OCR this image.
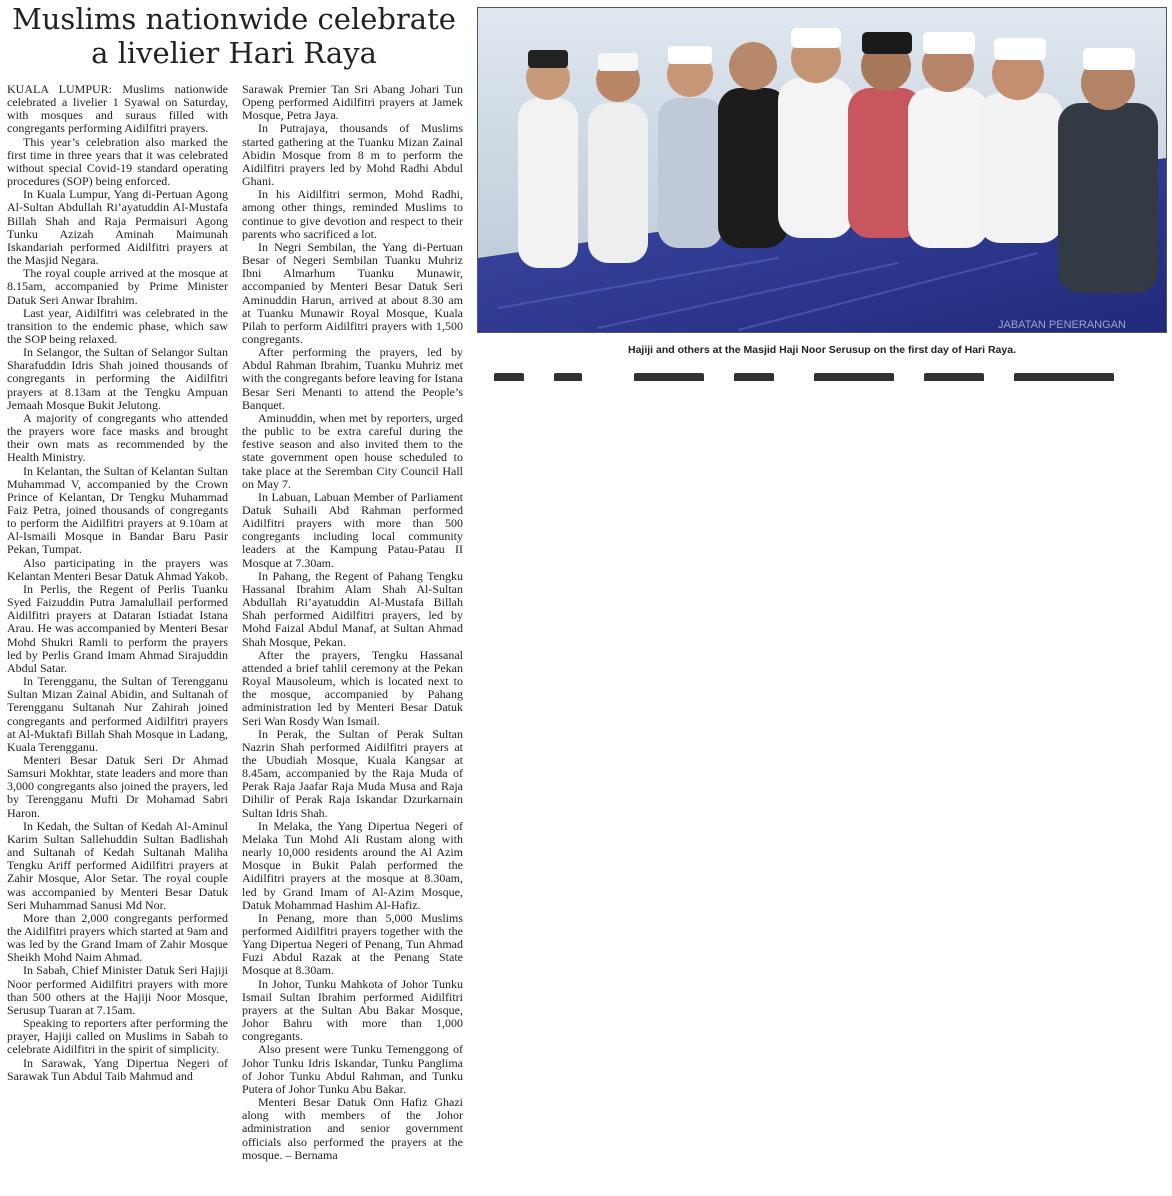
Muslims nationwide celebrate
a livelier Hari Raya

KUALA LUMPUR: Muslims nationwide celebrated a livelier 1 Syawal on Saturday, with mosques and suraus filled with congregants performing Aidilfitri prayers.

This year’s celebration also marked the first time in three years that it was celebrated without special Covid-19 standard operating procedures (SOP) being enforced.

In Kuala Lumpur, Yang di-Pertuan Agong Al-Sultan Abdullah Ri’ayatuddin Al-Mustafa Billah Shah and Raja Permaisuri Agong Tunku Azizah Aminah Maimunah Iskandariah performed Aidilfitri prayers at the Masjid Negara.

The royal couple arrived at the mosque at 8.15am, accompanied by Prime Minister Datuk Seri Anwar Ibrahim.

Last year, Aidilfitri was celebrated in the transition to the endemic phase, which saw the SOP being relaxed.

In Selangor, the Sultan of Selangor Sultan Sharafuddin Idris Shah joined thousands of congregants in performing the Aidilfitri prayers at 8.13am at the Tengku Ampuan Jemaah Mosque Bukit Jelutong.

A majority of congregants who attended the prayers wore face masks and brought their own mats as recommended by the Health Ministry.

In Kelantan, the Sultan of Kelantan Sultan Muhammad V, accompanied by the Crown Prince of Kelantan, Dr Tengku Muhammad Faiz Petra, joined thousands of congregants to perform the Aidilfitri prayers at 9.10am at Al-Ismaili Mosque in Bandar Baru Pasir Pekan, Tumpat.

Also participating in the prayers was Kelantan Menteri Besar Datuk Ahmad Yakob.

In Perlis, the Regent of Perlis Tuanku Syed Faizuddin Putra Jamalullail performed Aidilfitri prayers at Dataran Istiadat Istana Arau. He was accompanied by Menteri Besar Mohd Shukri Ramli to perform the prayers led by Perlis Grand Imam Ahmad Sirajuddin Abdul Satar.

In Terengganu, the Sultan of Terengganu Sultan Mizan Zainal Abidin, and Sultanah of Terengganu Sultanah Nur Zahirah joined congregants and performed Aidilfitri prayers at Al-Muktafi Billah Shah Mosque in Ladang, Kuala Terengganu.

Menteri Besar Datuk Seri Dr Ahmad Samsuri Mokhtar, state leaders and more than 3,000 congregants also joined the prayers, led by Terengganu Mufti Dr Mohamad Sabri Haron.

In Kedah, the Sultan of Kedah Al-Aminul Karim Sultan Sallehuddin Sultan Badlishah and Sultanah of Kedah Sultanah Maliha Tengku Ariff performed Aidilfitri prayers at Zahir Mosque, Alor Setar. The royal couple was accompanied by Menteri Besar Datuk Seri Muhammad Sanusi Md Nor.

More than 2,000 congregants performed the Aidilfitri prayers which started at 9am and was led by the Grand Imam of Zahir Mosque Sheikh Mohd Naim Ahmad.

In Sabah, Chief Minister Datuk Seri Hajiji Noor performed Aidilfitri prayers with more than 500 others at the Hajiji Noor Mosque, Serusup Tuaran at 7.15am.

Speaking to reporters after performing the prayer, Hajiji called on Muslims in Sabah to celebrate Aidilfitri in the spirit of simplicity.

In Sarawak, Yang Dipertua Negeri of Sarawak Tun Abdul Taib Mahmud and

Sarawak Premier Tan Sri Abang Johari Tun Openg performed Aidilfitri prayers at Jamek Mosque, Petra Jaya.

In Putrajaya, thousands of Muslims started gathering at the Tuanku Mizan Zainal Abidin Mosque from 8 m to perform the Aidilfitri prayers led by Mohd Radhi Abdul Ghani.

In his Aidilfitri sermon, Mohd Radhi, among other things, reminded Muslims to continue to give devotion and respect to their parents who sacrificed a lot.

In Negri Sembilan, the Yang di-Pertuan Besar of Negeri Sembilan Tuanku Muhriz Ibni Almarhum Tuanku Munawir, accompanied by Menteri Besar Datuk Seri Aminuddin Harun, arrived at about 8.30 am at Tuanku Munawir Royal Mosque, Kuala Pilah to perform Aidilfitri prayers with 1,500 congregants.

After performing the prayers, led by Abdul Rahman Ibrahim, Tuanku Muhriz met with the congregants before leaving for Istana Besar Seri Menanti to attend the People’s Banquet.

Aminuddin, when met by reporters, urged the public to be extra careful during the festive season and also invited them to the state government open house scheduled to take place at the Seremban City Council Hall on May 7.

In Labuan, Labuan Member of Parliament Datuk Suhaili Abd Rahman performed Aidilfitri prayers with more than 500 congregants including local community leaders at the Kampung Patau-Patau II Mosque at 7.30am.

In Pahang, the Regent of Pahang Tengku Hassanal Ibrahim Alam Shah Al-Sultan Abdullah Ri’ayatuddin Al-Mustafa Billah Shah performed Aidilfitri prayers, led by Mohd Faizal Abdul Manaf, at Sultan Ahmad Shah Mosque, Pekan.

After the prayers, Tengku Hassanal attended a brief tahlil ceremony at the Pekan Royal Mausoleum, which is located next to the mosque, accompanied by Pahang administration led by Menteri Besar Datuk Seri Wan Rosdy Wan Ismail.

In Perak, the Sultan of Perak Sultan Nazrin Shah performed Aidilfitri prayers at the Ubudiah Mosque, Kuala Kangsar at 8.45am, accompanied by the Raja Muda of Perak Raja Jaafar Raja Muda Musa and Raja Dihilir of Perak Raja Iskandar Dzurkarnain Sultan Idris Shah.

In Melaka, the Yang Dipertua Negeri of Melaka Tun Mohd Ali Rustam along with nearly 10,000 residents around the Al Azim Mosque in Bukit Palah performed the Aidilfitri prayers at the mosque at 8.30am, led by Grand Imam of Al-Azim Mosque, Datuk Mohammad Hashim Al-Hafiz.

In Penang, more than 5,000 Muslims performed Aidilfitri prayers together with the Yang Dipertua Negeri of Penang, Tun Ahmad Fuzi Abdul Razak at the Penang State Mosque at 8.30am.

In Johor, Tunku Mahkota of Johor Tunku Ismail Sultan Ibrahim performed Aidilfitri prayers at the Sultan Abu Bakar Mosque, Johor Bahru with more than 1,000 congregants.

Also present were Tunku Temenggong of Johor Tunku Idris Iskandar, Tunku Panglima of Johor Tunku Abdul Rahman, and Tunku Putera of Johor Tunku Abu Bakar.

Menteri Besar Datuk Onn Hafiz Ghazi along with members of the Johor administration and senior government officials also performed the prayers at the mosque. – Bernama

JABATAN PENERANGAN
Hajiji and others at the Masjid Haji Noor Serusup on the first day of Hari Raya.
